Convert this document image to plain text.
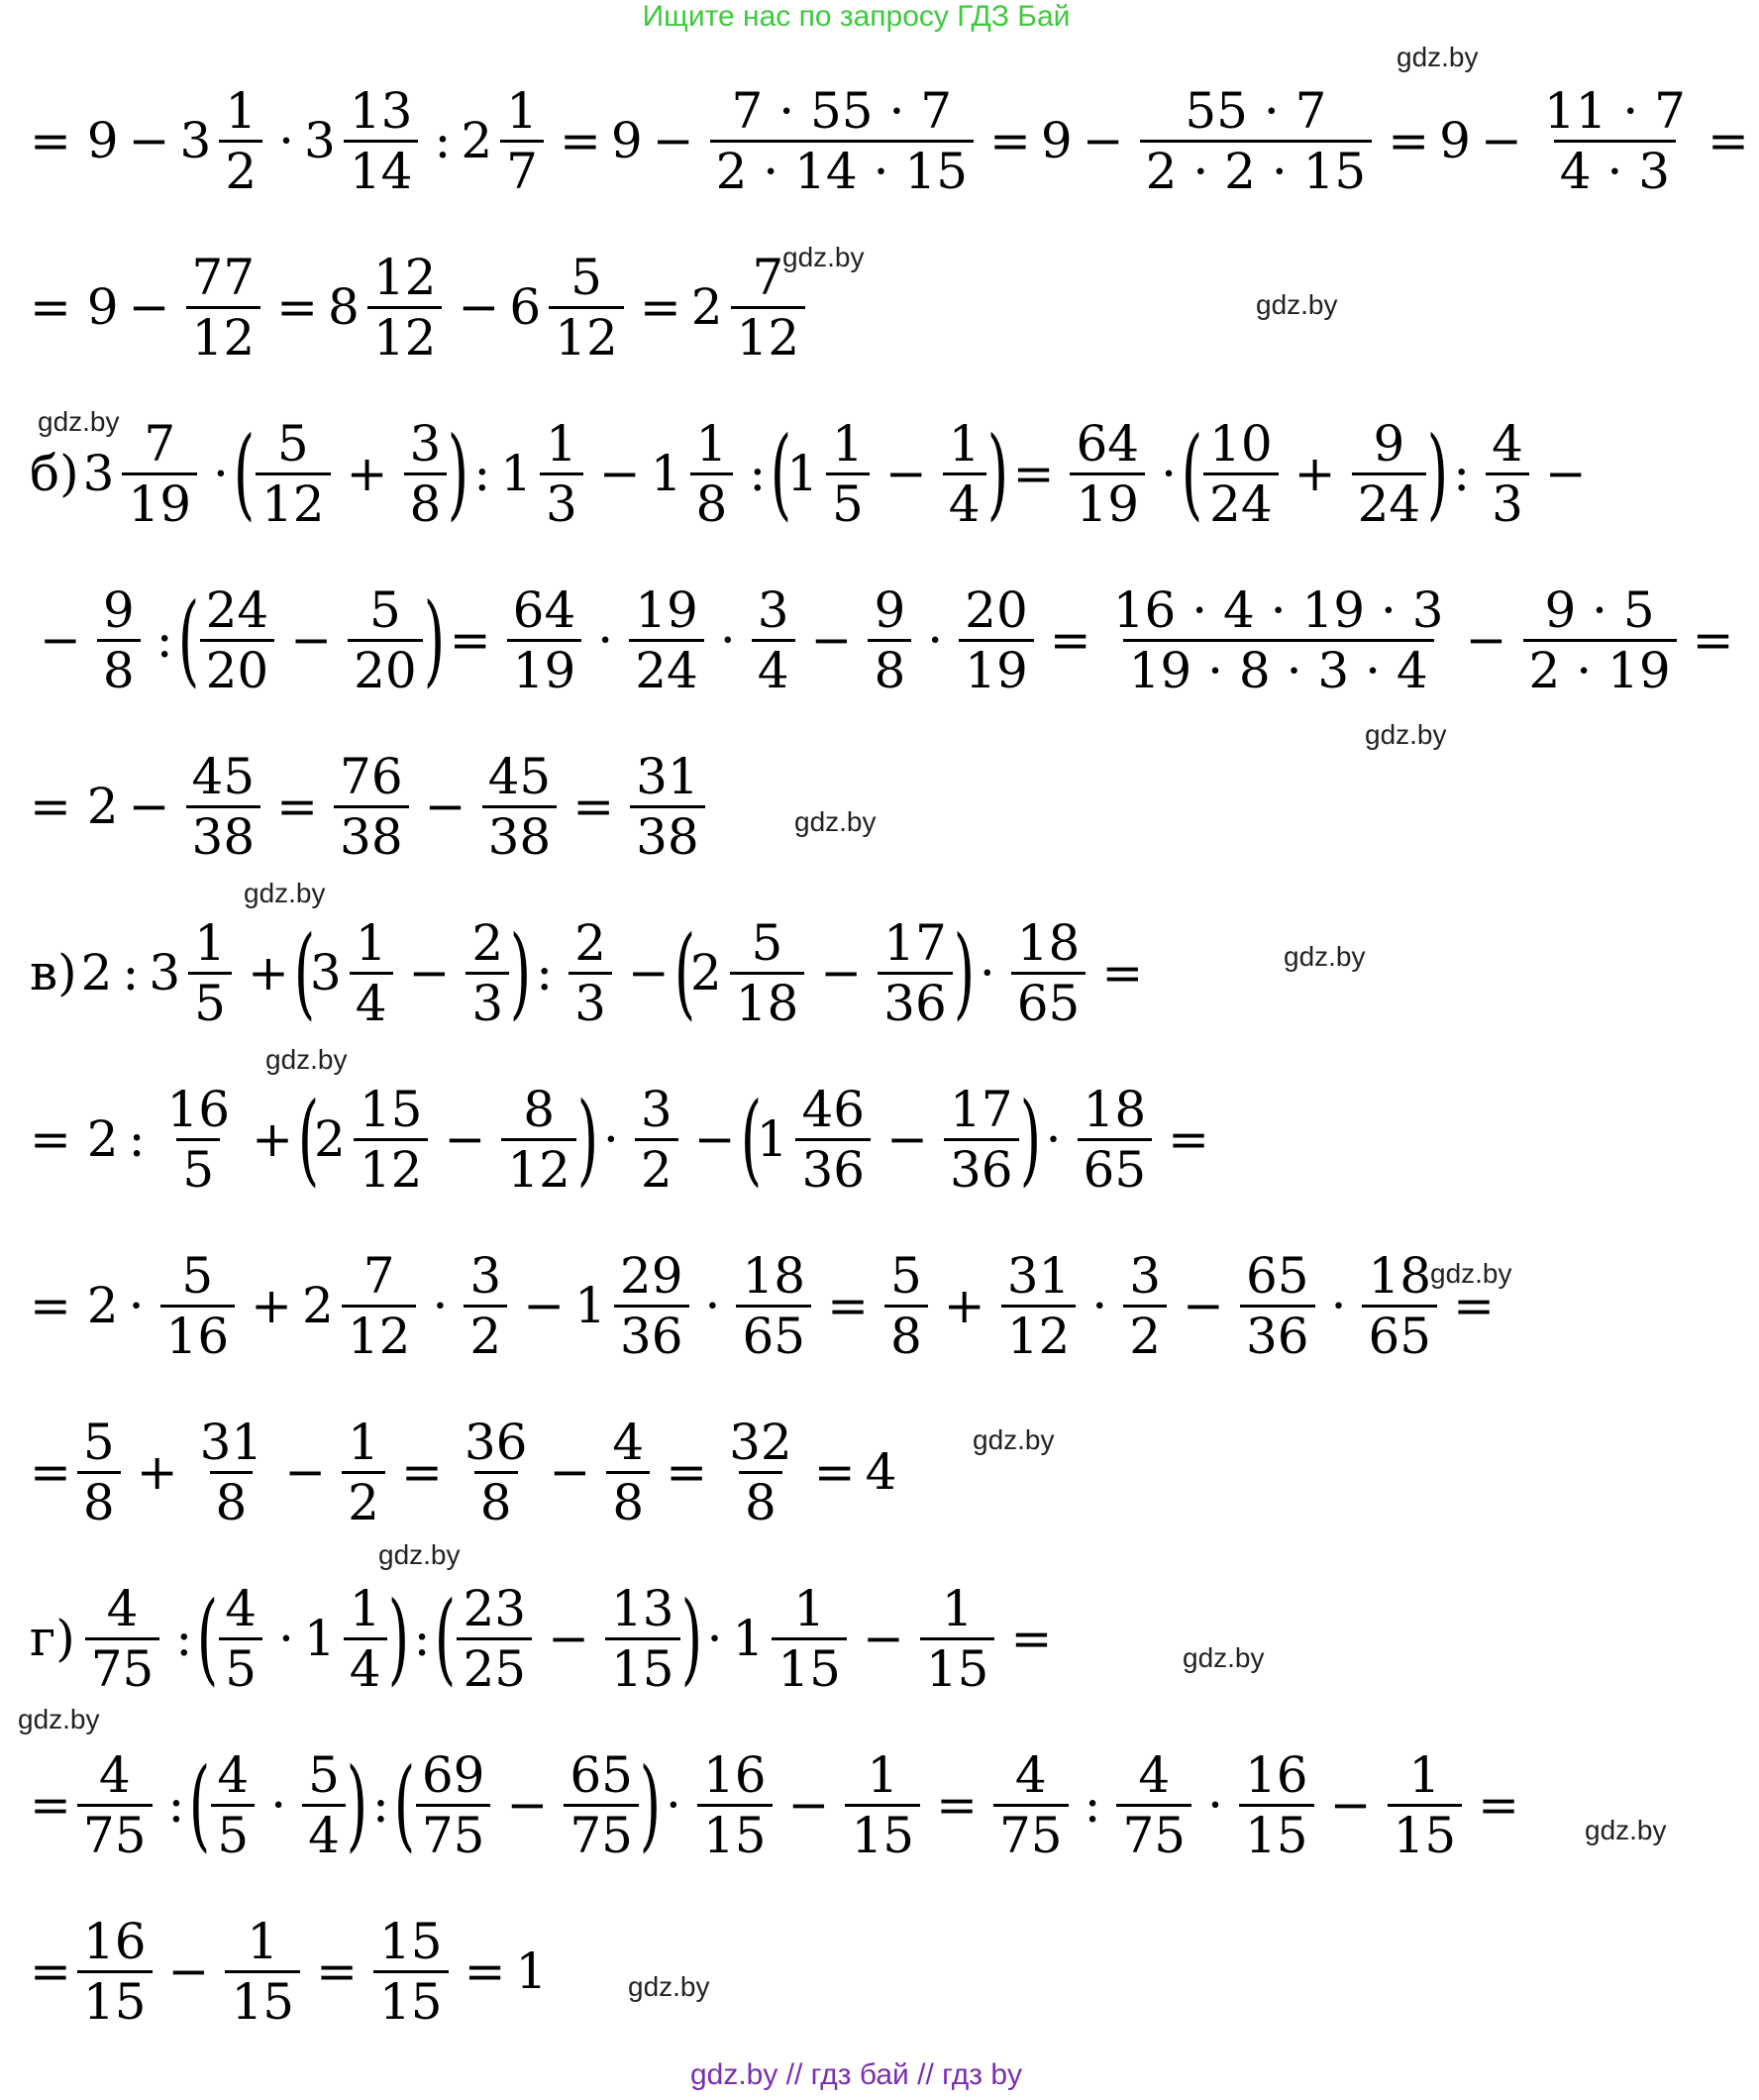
Ищите нас по запросу ГДЗ Бай
gdz.by
gdz.by
gdz.by
gdz.by
gdz.by
gdz.by
gdz.by
gdz.by
gdz.by
gdz.by
gdz.by
gdz.by
gdz.by
gdz.by
gdz.by
gdz.by
= $9 - 3 \frac{1}{2} \cdot 3 \frac{13}{14}$ : $2 \frac{1}{7} = 9 - \frac{7 \cdot 55 \cdot 7}{2 \cdot 14 \cdot 15} = 9 - \frac{55 \cdot 7}{2 \cdot 2 \cdot 15} = 9 - \frac{11 \cdot 7}{4 \cdot 3}$ =
= $9 - \frac{77}{12} = 8 \frac{12}{12} - 6 \frac{5}{12} = 2 \frac{7}{12}$
б) $3 \frac{7}{19}$ · ( $\frac{5}{12} + \frac{3}{8}$ ) : $1 \frac{1}{3} - 1 \frac{1}{8}$ : (
$1 \frac{1}{5} - \frac{1}{4}$ ) = $\frac{64}{19}$ · ( $\frac{10}{24} + \frac{9}{24}$ ) : $\frac{4}{3}$ −
− $\frac{9}{8}$ : ( $\frac{24}{20} - \frac{5}{20}$ ) = $\frac{64}{19} \cdot \frac{19}{24} \cdot \frac{3}{4} - \frac{9}{8} \cdot \frac{20}{19} = \frac{16 \cdot 4 \cdot 19 \cdot 3}{19 \cdot 8 \cdot 3 \cdot 4} - \frac{9 \cdot 5}{2 \cdot 19}$ =
= $2 - \frac{45}{38} = \frac{76}{38} - \frac{45}{38} = \frac{31}{38}$
в) 2 : $3 \frac{1}{5}$ + (
$3 \frac{1}{4} - \frac{2}{3}$ ) : $\frac{2}{3}$ − (
$2 \frac{5}{18} - \frac{17}{36}$ ) · $\frac{18}{65}$ =
= 2 : $\frac{16}{5}$ + (
$2 \frac{15}{12} - \frac{8}{12}$ ) · $\frac{3}{2}$ − (
$1 \frac{46}{36} - \frac{17}{36}$ ) · $\frac{18}{65}$ =
= $2 \cdot \frac{5}{16} + 2 \frac{7}{12} \cdot \frac{3}{2} - 1 \frac{29}{36} \cdot \frac{18}{65} = \frac{5}{8} + \frac{31}{12} \cdot \frac{3}{2} - \frac{65}{36} \cdot \frac{18}{65}$ =
= $\frac{5}{8} + \frac{31}{8} - \frac{1}{2} = \frac{36}{8} - \frac{4}{8} = \frac{32}{8} = 4$
$г) \frac{4}{75}$ : ( $\frac{4}{5} \cdot 1 \frac{1}{4}$ ) : ( $\frac{23}{25} - \frac{13}{15}$ ) · $1 \frac{1}{15} - \frac{1}{15}$ =
= $\frac{4}{75}$ : ( $\frac{4}{5} \cdot \frac{5}{4}$ ) : ( $\frac{69}{75} - \frac{65}{75}$ ) · $\frac{16}{15} - \frac{1}{15} = \frac{4}{75}$ : $\frac{4}{75} \cdot \frac{16}{15} - \frac{1}{15}$ =
= $\frac{16}{15} - \frac{1}{15} = \frac{15}{15} = 1$
gdz.by // гдз бай // гдз by
